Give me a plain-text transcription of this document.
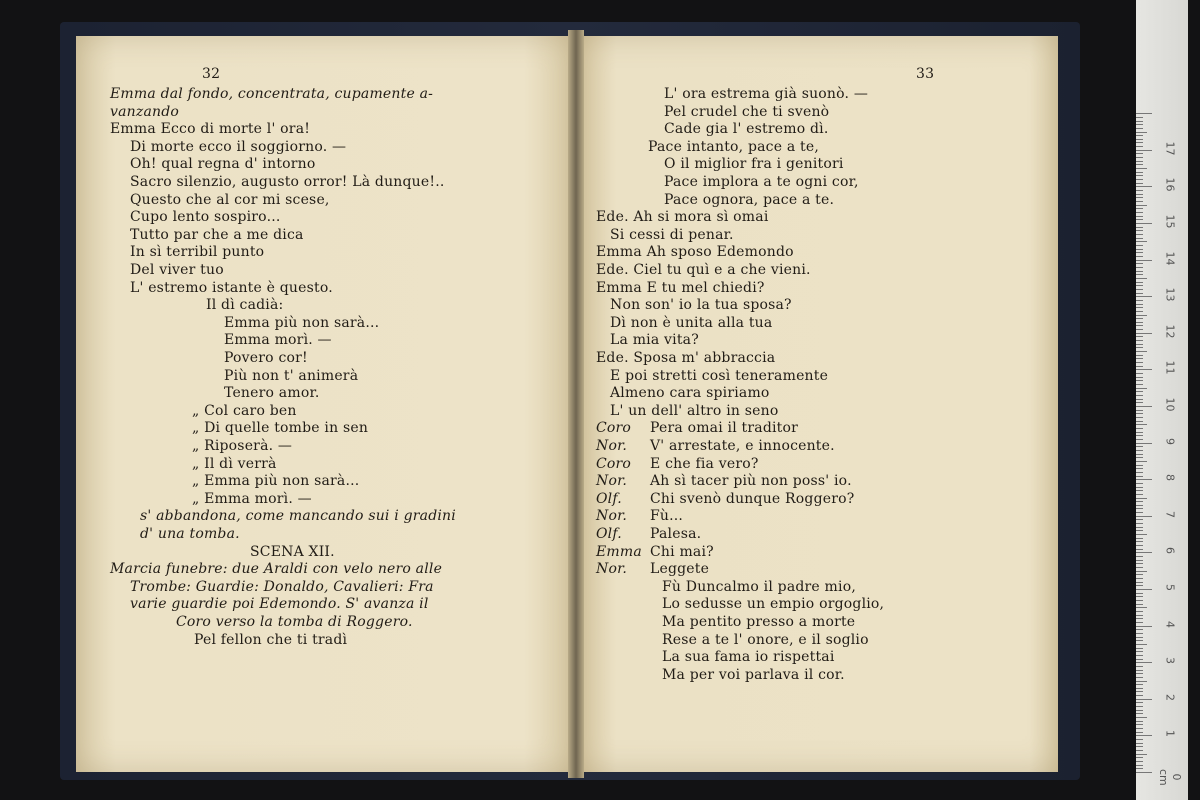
32
Emma dal fondo, concentrata, cupamente a-
vanzando
Emma Ecco di morte l' ora!
Di morte ecco il soggiorno. —
Oh! qual regna d' intorno
Sacro silenzio, augusto orror! Là dunque!..
Questo che al cor mi scese,
Cupo lento sospiro...
Tutto par che a me dica
In sì terribil punto
Del viver tuo
L' estremo istante è questo.
Il dì cadià:
Emma più non sarà...
Emma morì. —
Povero cor!
Più non t' animerà
Tenero amor.
„ Col caro ben
„ Di quelle tombe in sen
„ Riposerà. —
„ Il dì verrà
„ Emma più non sarà...
„ Emma morì. —
s' abbandona, come mancando sui i gradini
d' una tomba.
SCENA XII.
Marcia funebre: due Araldi con velo nero alle
Trombe: Guardie: Donaldo, Cavalieri: Fra
varie guardie poi Edemondo. S' avanza il
Coro verso la tomba di Roggero.
Pel fellon che ti tradì
33
L' ora estrema già suonò. —
Pel crudel che ti svenò
Cade gia l' estremo dì.
Pace intanto, pace a te,
O il miglior fra i genitori
Pace implora a te ogni cor,
Pace ognora, pace a te.
Ede. Ah si mora sì omai
Si cessi di penar.
Emma Ah sposo Edemondo
Ede. Ciel tu quì e a che vieni.
Emma E tu mel chiedi?
Non son' io la tua sposa?
Dì non è unita alla tua
La mia vita?
Ede. Sposa m' abbraccia
E poi stretti così teneramente
Almeno cara spiriamo
L' un dell' altro in seno
Coro Pera omai il traditor
Nor. V' arrestate, e innocente.
Coro E che fia vero?
Nor. Ah sì tacer più non poss' io.
Olf. Chi svenò dunque Roggero?
Nor. Fù...
Olf. Palesa.
Emma Chi mai?
Nor. Leggete
Fù Duncalmo il padre mio,
Lo sedusse un empio orgoglio,
Ma pentito presso a morte
Rese a te l' onore, e il soglio
La sua fama io rispettai
Ma per voi parlava il cor.
0 cm
1
2
3
4
5
6
7
8
9
10
11
12
13
14
15
16
17
